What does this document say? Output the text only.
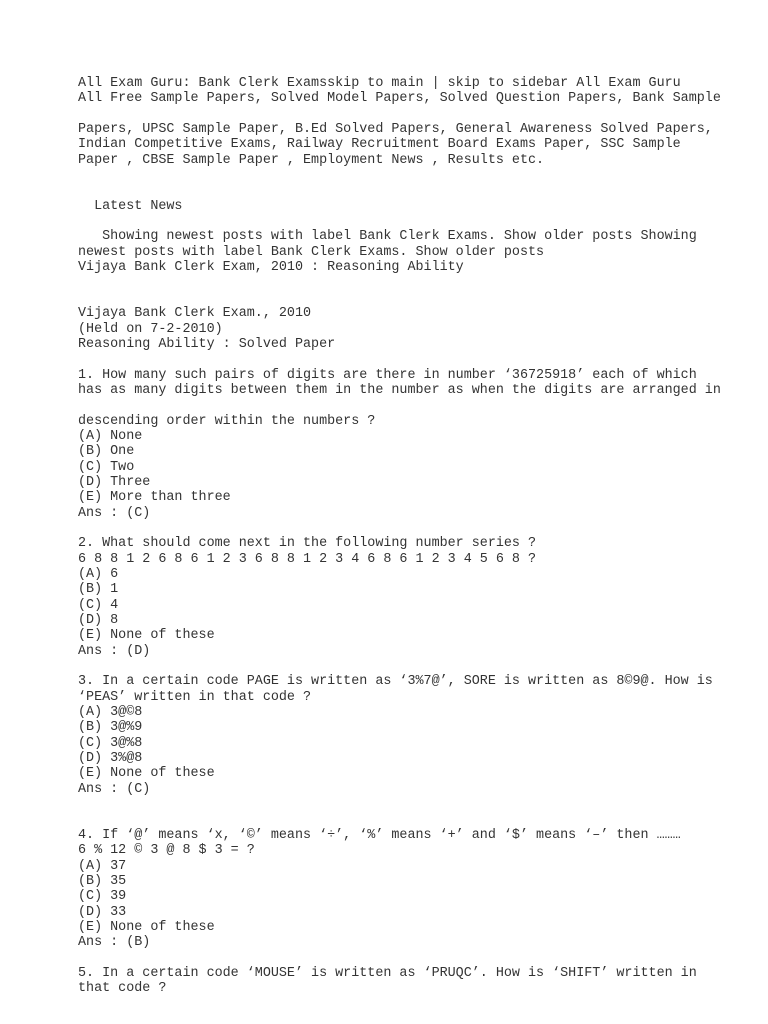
All Exam Guru: Bank Clerk Examsskip to main | skip to sidebar All Exam Guru
All Free Sample Papers, Solved Model Papers, Solved Question Papers, Bank Sample
Papers, UPSC Sample Paper, B.Ed Solved Papers, General Awareness Solved Papers,
Indian Competitive Exams, Railway Recruitment Board Exams Paper, SSC Sample
Paper , CBSE Sample Paper , Employment News , Results etc.
Latest News
Showing newest posts with label Bank Clerk Exams. Show older posts Showing
newest posts with label Bank Clerk Exams. Show older posts
Vijaya Bank Clerk Exam, 2010 : Reasoning Ability
Vijaya Bank Clerk Exam., 2010
(Held on 7-2-2010)
Reasoning Ability : Solved Paper
1. How many such pairs of digits are there in number ‘36725918’ each of which
has as many digits between them in the number as when the digits are arranged in
descending order within the numbers ?
(A) None
(B) One
(C) Two
(D) Three
(E) More than three
Ans : (C)
2. What should come next in the following number series ?
6 8 8 1 2 6 8 6 1 2 3 6 8 8 1 2 3 4 6 8 6 1 2 3 4 5 6 8 ?
(A) 6
(B) 1
(C) 4
(D) 8
(E) None of these
Ans : (D)
3. In a certain code PAGE is written as ‘3%7@’, SORE is written as 8©9@. How is
‘PEAS’ written in that code ?
(A) 3@©8
(B) 3@%9
(C) 3@%8
(D) 3%@8
(E) None of these
Ans : (C)
4. If ‘@’ means ‘x, ‘©’ means ‘÷’, ‘%’ means ‘+’ and ‘$’ means ‘–’ then ………
6 % 12 © 3 @ 8 $ 3 = ?
(A) 37
(B) 35
(C) 39
(D) 33
(E) None of these
Ans : (B)
5. In a certain code ‘MOUSE’ is written as ‘PRUQC’. How is ‘SHIFT’ written in
that code ?
